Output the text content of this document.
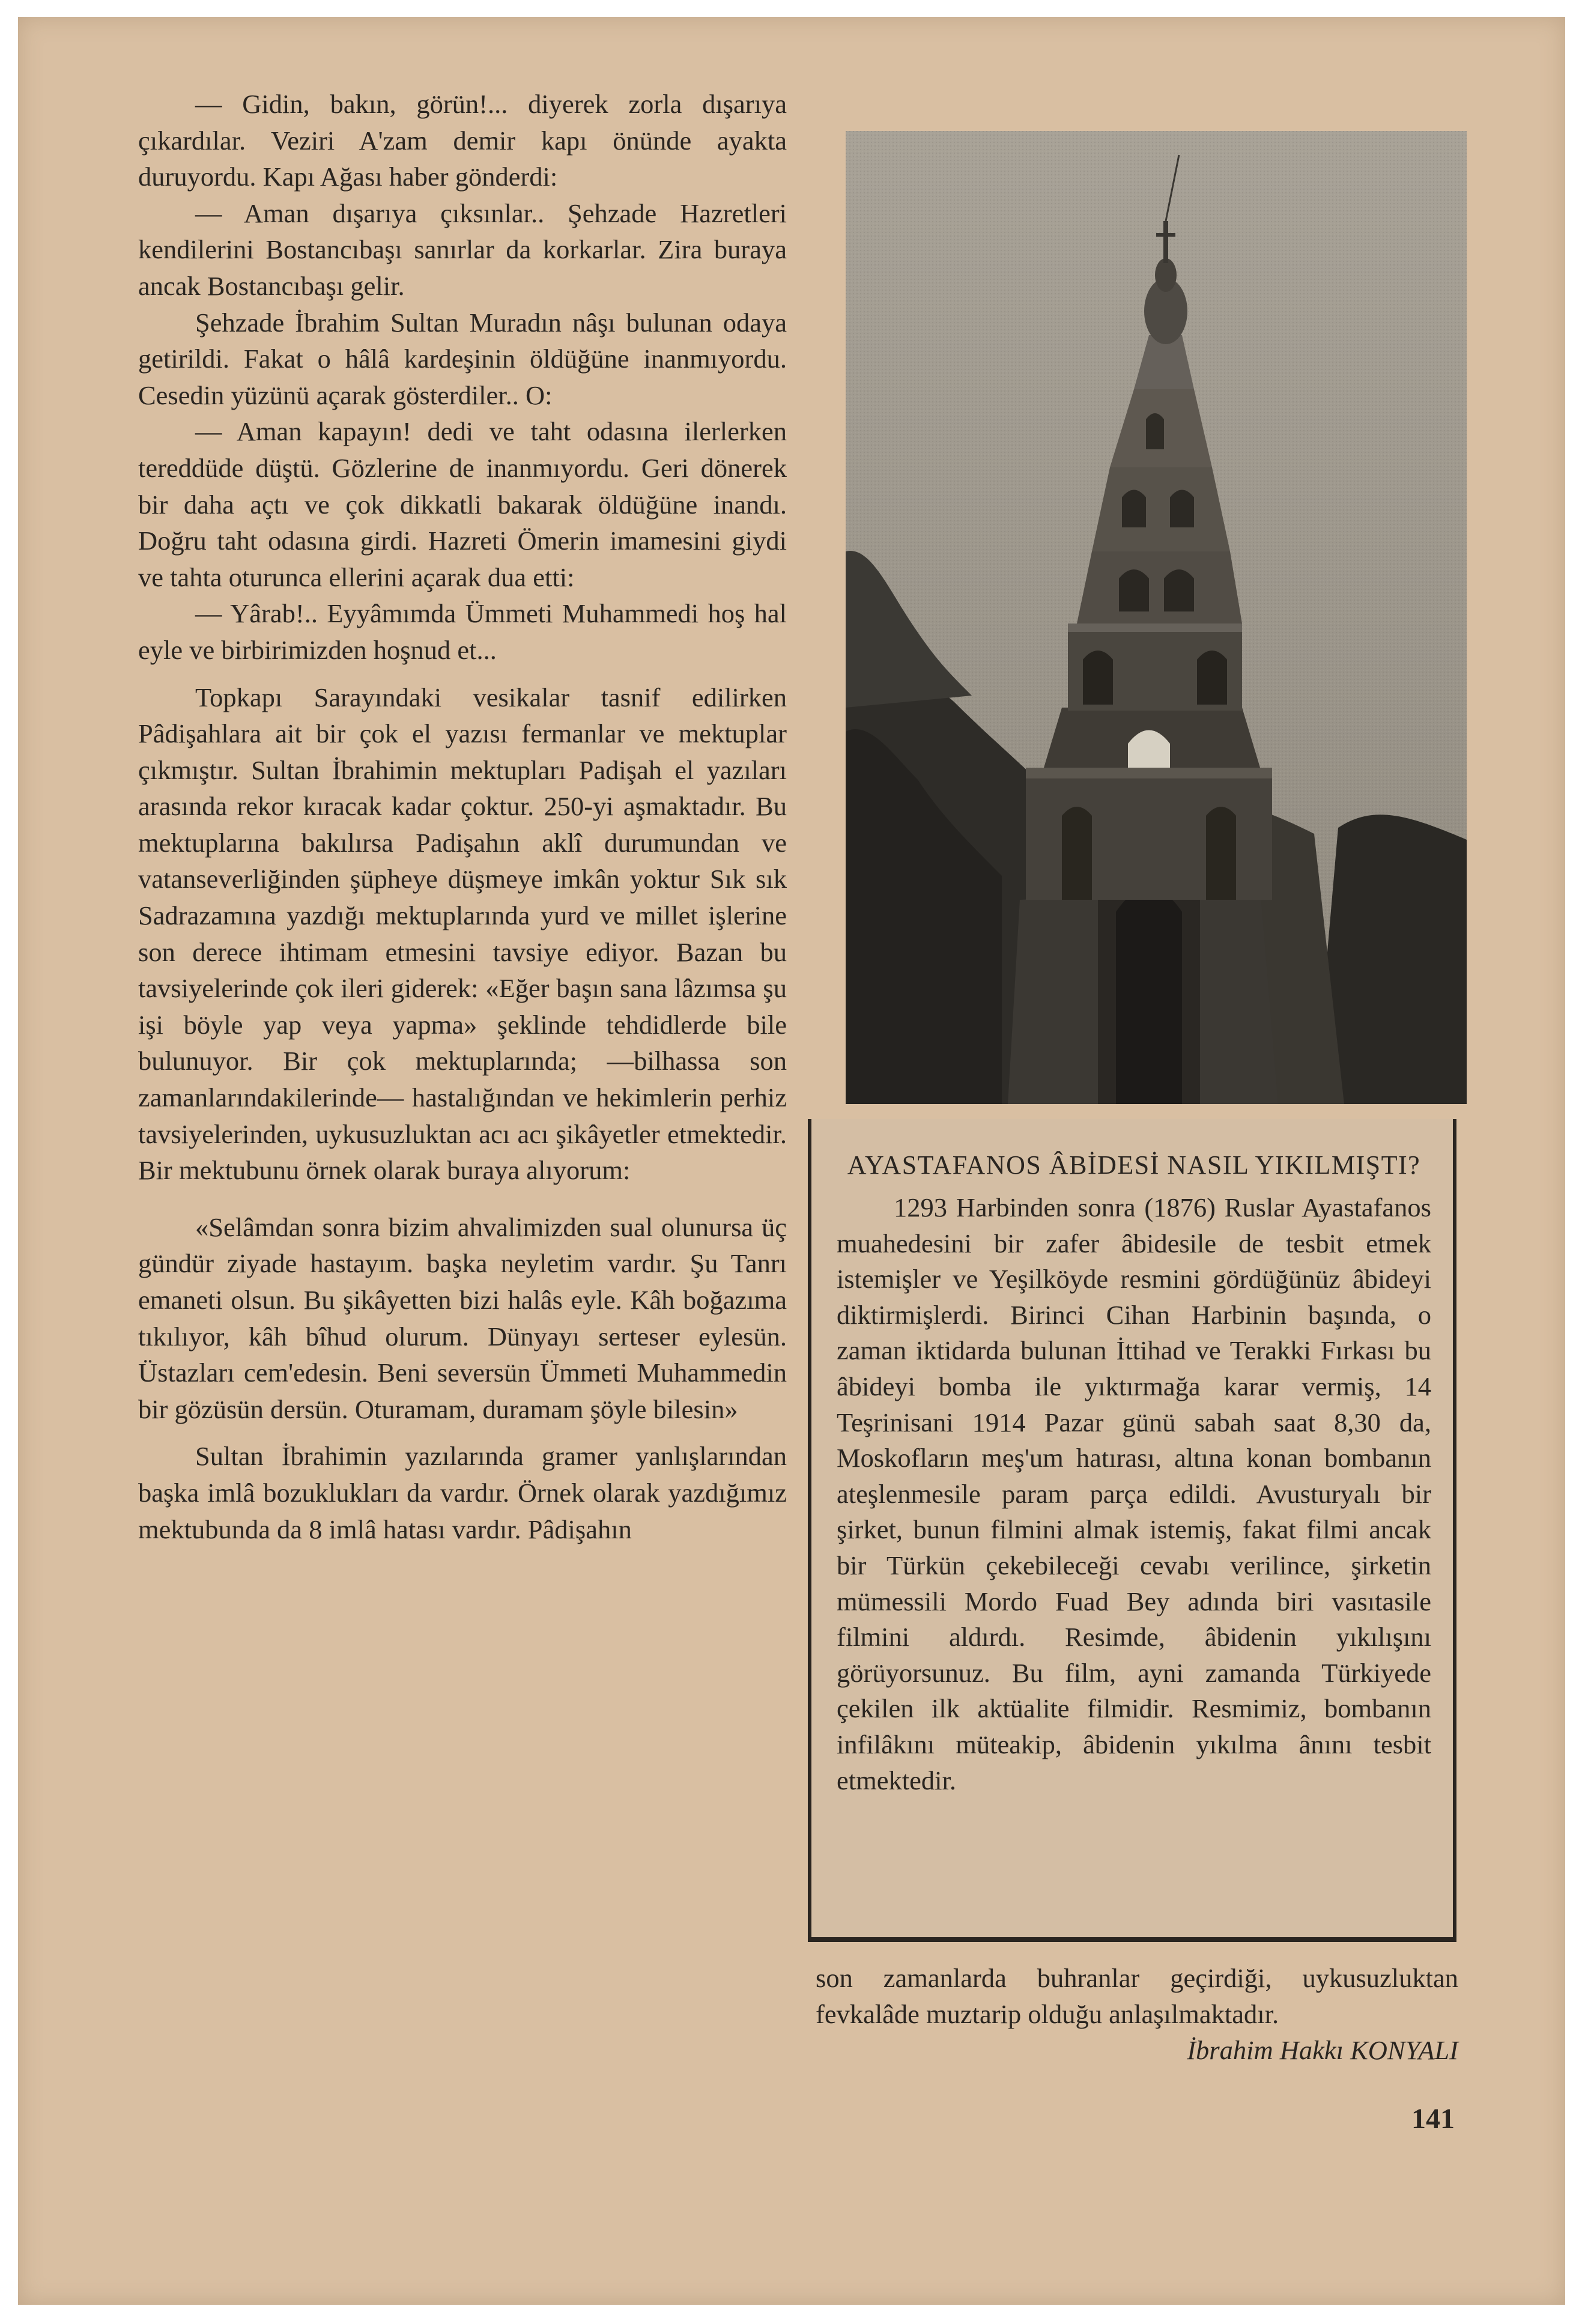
— Gidin, bakın, görün!... diyerek zorla dışarıya çıkardılar. Veziri A'zam demir kapı önünde ayakta duruyordu. Kapı Ağası haber gönderdi:

— Aman dışarıya çıksınlar.. Şehzade Hazretleri kendilerini Bostancıbaşı sanırlar da korkarlar. Zira buraya ancak Bostancıbaşı gelir.

Şehzade İbrahim Sultan Muradın nâşı bulunan odaya getirildi. Fakat o hâlâ kardeşinin öldüğüne inanmıyordu. Cesedin yüzünü açarak gösterdiler.. O:

— Aman kapayın! dedi ve taht odasına ilerlerken tereddüde düştü. Gözlerine de inanmıyordu. Geri dönerek bir daha açtı ve çok dikkatli bakarak öldüğüne inandı. Doğru taht odasına girdi. Hazreti Ömerin imamesini giydi ve tahta oturunca ellerini açarak dua etti:

— Yârab!.. Eyyâmımda Ümmeti Muhammedi hoş hal eyle ve birbirimizden hoşnud et...

Topkapı Sarayındaki vesikalar tasnif edilirken Pâdişahlara ait bir çok el yazısı fermanlar ve mektuplar çıkmıştır. Sultan İbrahimin mektupları Padişah el yazıları arasında rekor kıracak kadar çoktur. 250-yi aşmaktadır. Bu mektuplarına bakılırsa Padişahın aklî durumundan ve vatanseverliğinden şüpheye düşmeye imkân yoktur Sık sık Sadrazamına yazdığı mektuplarında yurd ve millet işlerine son derece ihtimam etmesini tavsiye ediyor. Bazan bu tavsiyelerinde çok ileri giderek: «Eğer başın sana lâzımsa şu işi böyle yap veya yapma» şeklinde tehdidlerde bile bulunuyor. Bir çok mektuplarında; —bilhassa son zamanlarındakilerinde— hastalığından ve hekimlerin perhiz tavsiyelerinden, uykusuzluktan acı acı şikâyetler etmektedir. Bir mektubunu örnek olarak buraya alıyorum:

«Selâmdan sonra bizim ahvalimizden sual olunursa üç gündür ziyade hastayım. başka neyletim vardır. Şu Tanrı emaneti olsun. Bu şikâyetten bizi halâs eyle. Kâh boğazıma tıkılıyor, kâh bîhud olurum. Dünyayı serteser eylesün. Üstazları cem'edesin. Beni seversün Ümmeti Muhammedin bir gözüsün dersün. Oturamam, duramam şöyle bilesin»

Sultan İbrahimin yazılarında gramer yanlışlarından başka imlâ bozuklukları da vardır. Örnek olarak yazdığımız mektubunda da 8 imlâ hatası vardır. Pâdişahın

AYASTAFANOS ÂBİDESİ NASIL YIKILMIŞTI?

1293 Harbinden sonra (1876) Ruslar Ayastafanos muahedesini bir zafer âbidesile de tesbit etmek istemişler ve Yeşilköyde resmini gördüğünüz âbideyi diktirmişlerdi. Birinci Cihan Harbinin başında, o zaman iktidarda bulunan İttihad ve Terakki Fırkası bu âbideyi bomba ile yıktırmağa karar vermiş, 14 Teşrinisani 1914 Pazar günü sabah saat 8,30 da, Moskofların meş'um hatırası, altına konan bombanın ateşlenmesile param parça edildi. Avusturyalı bir şirket, bunun filmini almak istemiş, fakat filmi ancak bir Türkün çekebileceği cevabı verilince, şirketin mümessili Mordo Fuad Bey adında biri vasıtasile filmini aldırdı. Resimde, âbidenin yıkılışını görüyorsunuz. Bu film, ayni zamanda Türkiyede çekilen ilk aktüalite filmidir. Resmimiz, bombanın infilâkını müteakip, âbidenin yıkılma ânını tesbit etmektedir.

son zamanlarda buhranlar geçirdiği, uykusuzluktan fevkalâde muztarip olduğu anlaşılmaktadır.
İbrahim Hakkı KONYALI

141
